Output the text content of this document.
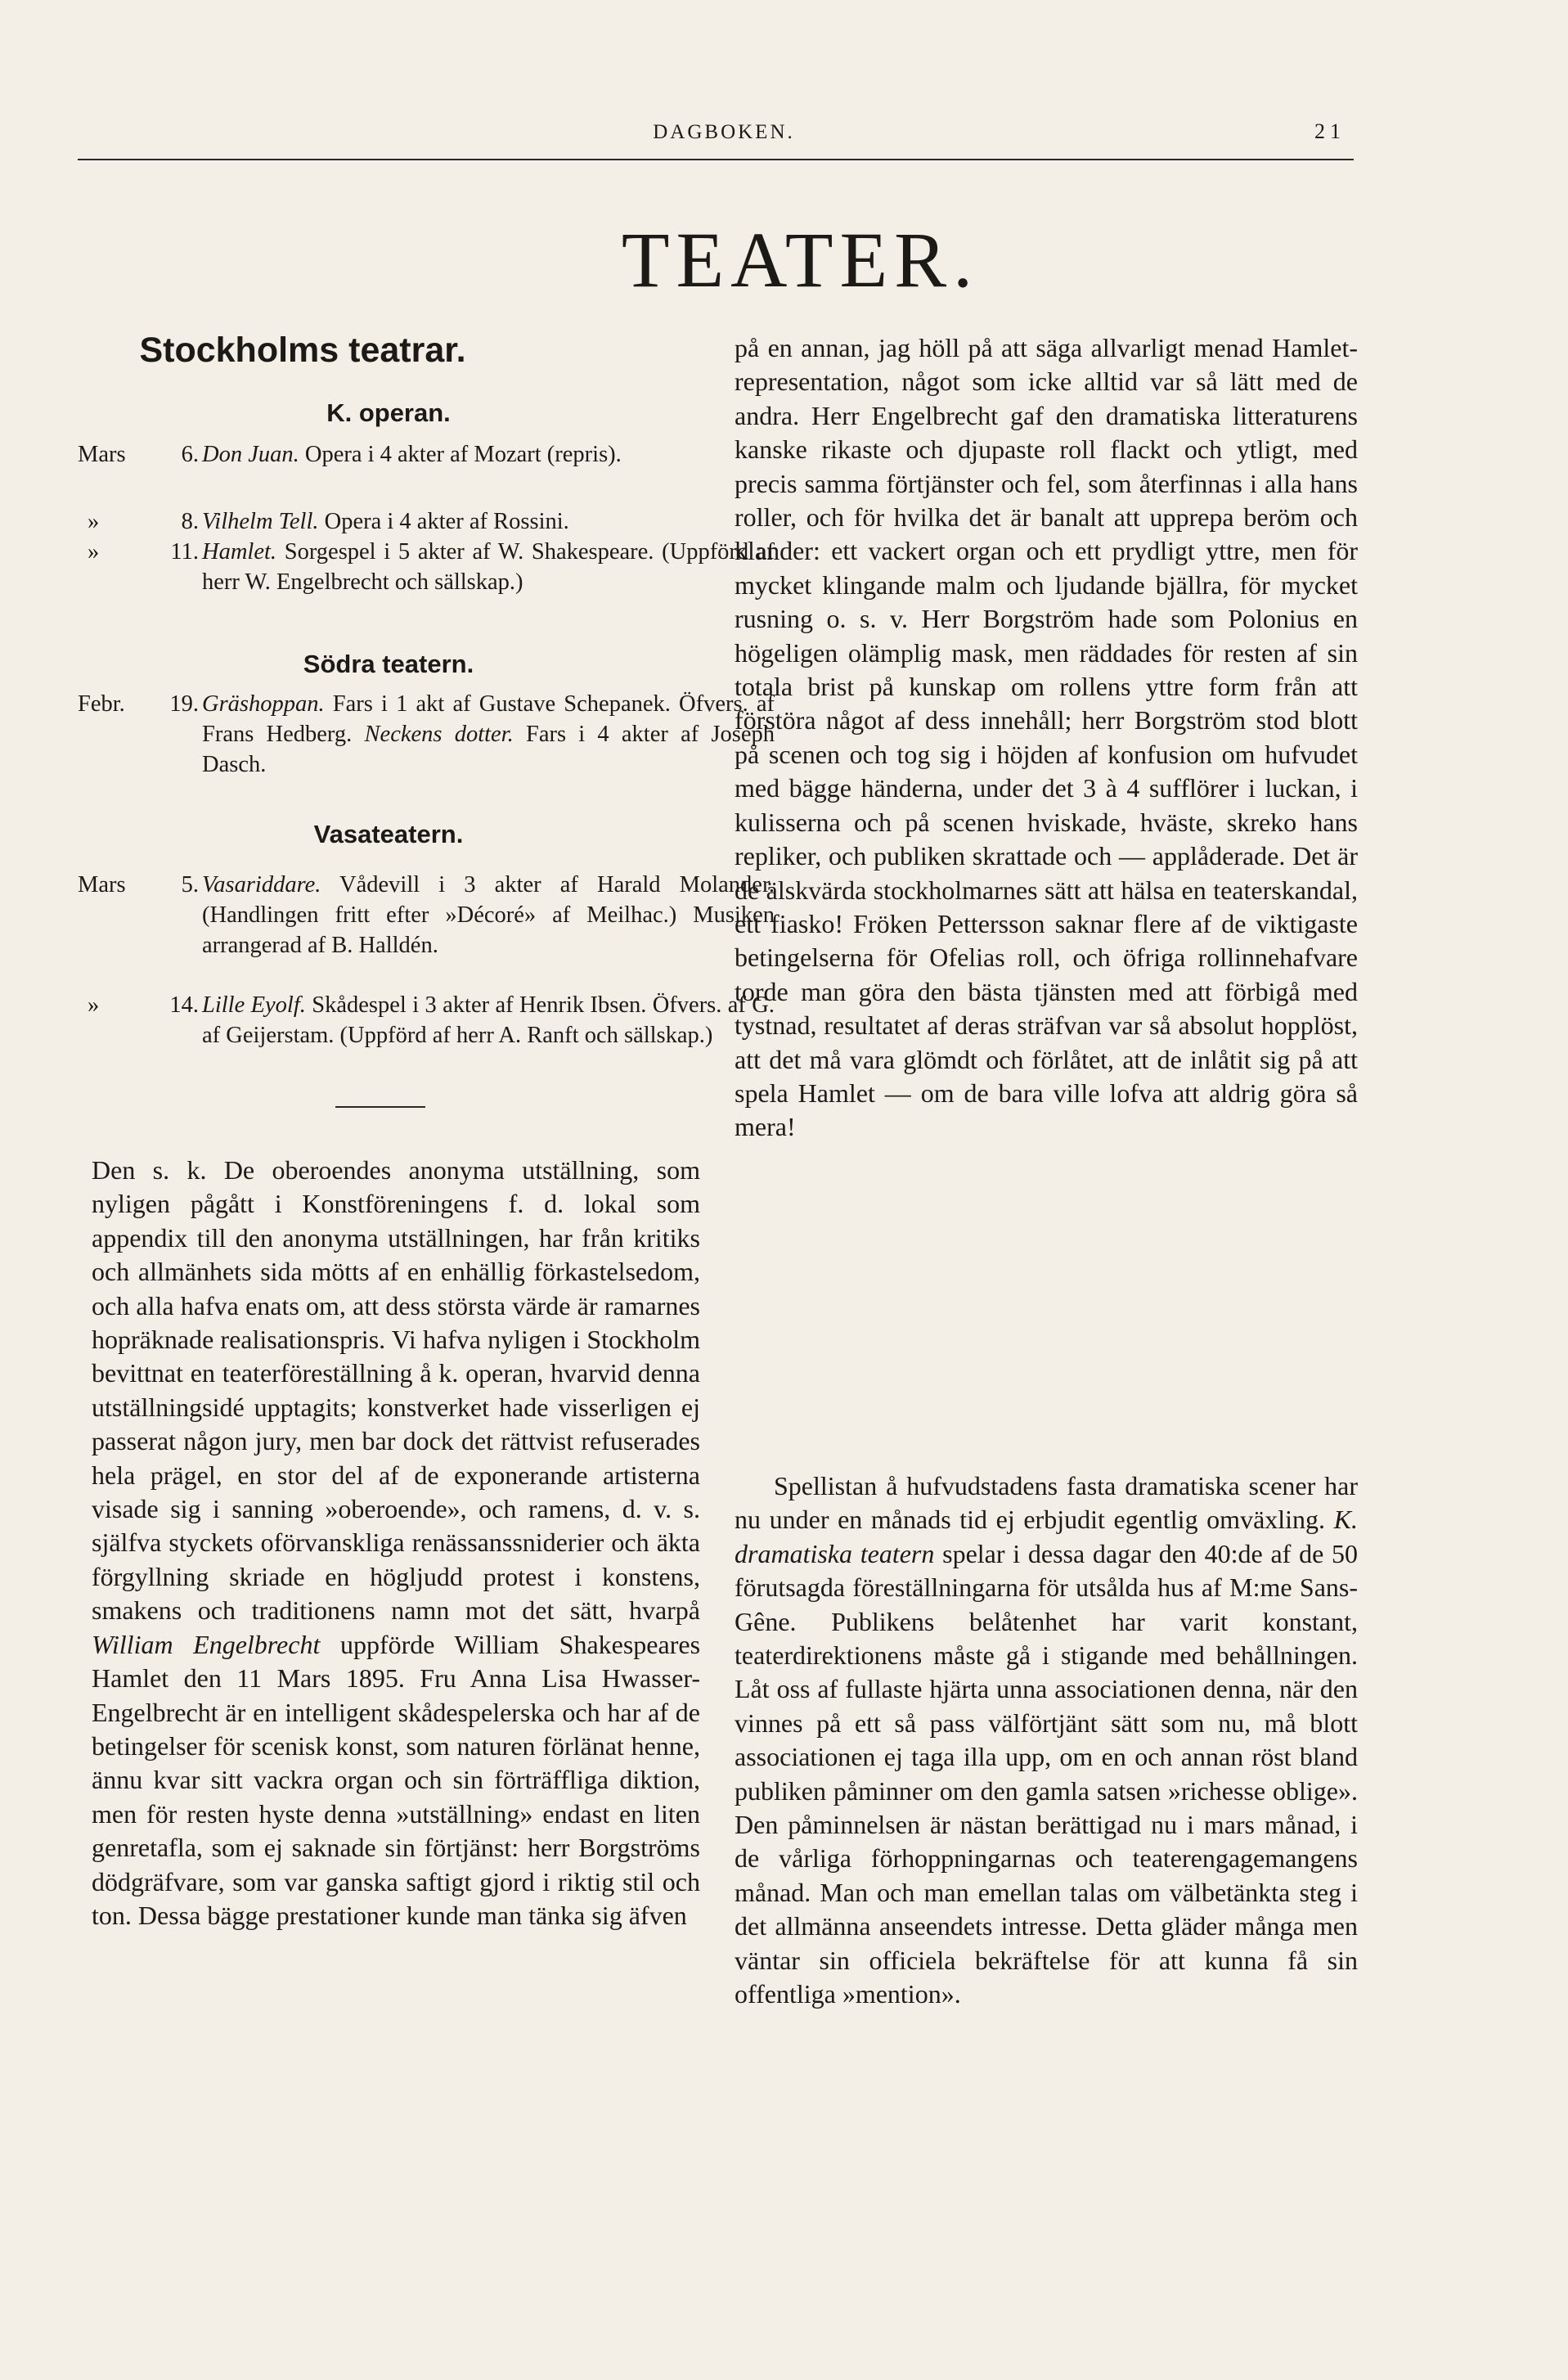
DAGBOKEN.	21
TEATER.
Stockholms teatrar.
K. operan.
Mars	6. Don Juan. Opera i 4 akter af Mozart (repris).
»	8. Vilhelm Tell. Opera i 4 akter af Rossini.
»	11. Hamlet. Sorgespel i 5 akter af W. Shakespeare. (Uppförd af herr W. Engelbrecht och sällskap.)
Södra teatern.
Febr.	19. Gräshoppan. Fars i 1 akt af Gustave Schepanek. Öfvers. af Frans Hedberg. Neckens dotter. Fars i 4 akter af Joseph Dasch.
Vasateatern.
Mars	5. Vasariddare. Vådevill i 3 akter af Harald Molander. (Handlingen fritt efter »Décoré» af Meilhac.) Musiken arrangerad af B. Halldén.
»	14. Lille Eyolf. Skådespel i 3 akter af Henrik Ibsen. Öfvers. af G. af Geijerstam. (Uppförd af herr A. Ranft och sällskap.)

Den s. k. De oberoendes anonyma utställning, som nyligen pågått i Konstföreningens f. d. lokal som appendix till den anonyma utställningen, har från kritiks och allmänhets sida mötts af en enhällig förkastelsedom, och alla hafva enats om, att dess största värde är ramarnes hopräknade realisationspris. Vi hafva nyligen i Stockholm bevittnat en teaterföreställning å k. operan, hvarvid denna utställningsidé upptagits; konstverket hade visserligen ej passerat någon jury, men bar dock det rättvist refuserades hela prägel, en stor del af de exponerande artisterna visade sig i sanning »oberoende», och ramens, d. v. s. själfva styckets oförvanskliga renässanssniderier och äkta förgyllning skriade en högljudd protest i konstens, smakens och traditionens namn mot det sätt, hvarpå William Engelbrecht uppförde William Shakespeares Hamlet den 11 Mars 1895. Fru Anna Lisa Hwasser-Engelbrecht är en intelligent skådespelerska och har af de betingelser för scenisk konst, som naturen förlänat henne, ännu kvar sitt vackra organ och sin förträffliga diktion, men för resten hyste denna »utställning» endast en liten genretafla, som ej saknade sin förtjänst: herr Borgströms dödgräfvare, som var ganska saftigt gjord i riktig stil och ton. Dessa bägge prestationer kunde man tänka sig äfven

på en annan, jag höll på att säga allvarligt menad Hamlet-representation, något som icke alltid var så lätt med de andra. Herr Engelbrecht gaf den dramatiska litteraturens kanske rikaste och djupaste roll flackt och ytligt, med precis samma förtjänster och fel, som återfinnas i alla hans roller, och för hvilka det är banalt att upprepa beröm och klander: ett vackert organ och ett prydligt yttre, men för mycket klingande malm och ljudande bjällra, för mycket rusning o. s. v. Herr Borgström hade som Polonius en högeligen olämplig mask, men räddades för resten af sin totala brist på kunskap om rollens yttre form från att förstöra något af dess innehåll; herr Borgström stod blott på scenen och tog sig i höjden af konfusion om hufvudet med bägge händerna, under det 3 à 4 sufflörer i luckan, i kulisserna och på scenen hviskade, hväste, skreko hans repliker, och publiken skrattade och — applåderade. Det är de älskvärda stockholmarnes sätt att hälsa en teaterskandal, ett fiasko! Fröken Pettersson saknar flere af de viktigaste betingelserna för Ofelias roll, och öfriga rollinnehafvare torde man göra den bästa tjänsten med att förbigå med tystnad, resultatet af deras sträfvan var så absolut hopplöst, att det må vara glömdt och förlåtet, att de inlåtit sig på att spela Hamlet — om de bara ville lofva att aldrig göra så mera!

Spellistan å hufvudstadens fasta dramatiska scener har nu under en månads tid ej erbjudit egentlig omväxling. K. dramatiska teatern spelar i dessa dagar den 40:de af de 50 förutsagda föreställningarna för utsålda hus af M:me Sans-Gêne. Publikens belåtenhet har varit konstant, teaterdirektionens måste gå i stigande med behållningen. Låt oss af fullaste hjärta unna associationen denna, när den vinnes på ett så pass välförtjänt sätt som nu, må blott associationen ej taga illa upp, om en och annan röst bland publiken påminner om den gamla satsen »richesse oblige». Den påminnelsen är nästan berättigad nu i mars månad, i de vårliga förhoppningarnas och teaterengagemangens månad. Man och man emellan talas om välbetänkta steg i det allmänna anseendets intresse. Detta gläder många men väntar sin officiela bekräftelse för att kunna få sin offentliga »mention».
